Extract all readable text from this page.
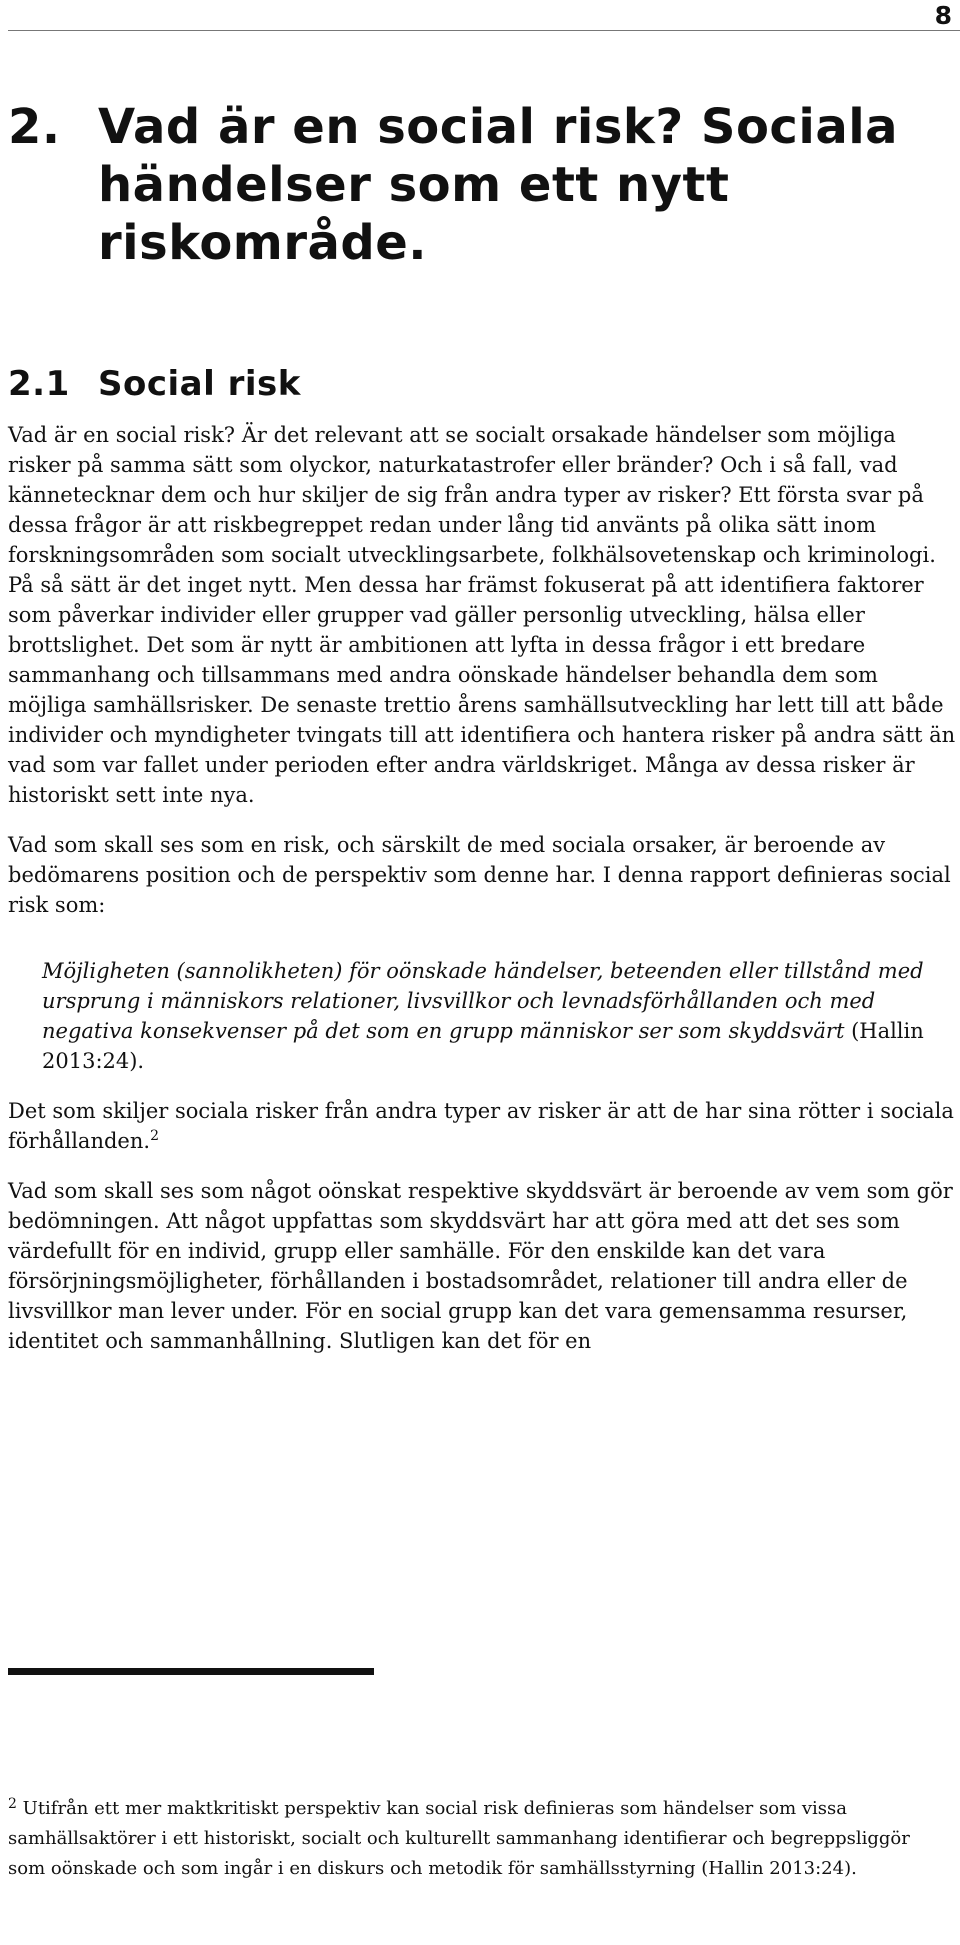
8
2. Vad är en social risk? Sociala händelser som ett nytt riskområde.
2.1 Social risk

Vad är en social risk? Är det relevant att se socialt orsakade händelser som möjliga risker på samma sätt som olyckor, naturkatastrofer eller bränder? Och i så fall, vad kännetecknar dem och hur skiljer de sig från andra typer av risker? Ett första svar på dessa frågor är att riskbegreppet redan under lång tid använts på olika sätt inom forskningsområden som socialt utvecklingsarbete, folkhälsovetenskap och kriminologi. På så sätt är det inget nytt. Men dessa har främst fokuserat på att identifiera faktorer som påverkar individer eller grupper vad gäller personlig utveckling, hälsa eller brottslighet. Det som är nytt är ambitionen att lyfta in dessa frågor i ett bredare sammanhang och tillsammans med andra oönskade händelser behandla dem som möjliga samhällsrisker. De senaste trettio årens samhällsutveckling har lett till att både individer och myndigheter tvingats till att identifiera och hantera risker på andra sätt än vad som var fallet under perioden efter andra världskriget. Många av dessa risker är historiskt sett inte nya.

Vad som skall ses som en risk, och särskilt de med sociala orsaker, är beroende av bedömarens position och de perspektiv som denne har. I denna rapport definieras social risk som:

Möjligheten (sannolikheten) för oönskade händelser, beteenden eller tillstånd med ursprung i människors relationer, livsvillkor och levnadsförhållanden och med negativa konsekvenser på det som en grupp människor ser som skyddsvärt (Hallin 2013:24).

Det som skiljer sociala risker från andra typer av risker är att de har sina rötter i sociala förhållanden.$^2$

Vad som skall ses som något oönskat respektive skyddsvärt är beroende av vem som gör bedömningen. Att något uppfattas som skyddsvärt har att göra med att det ses som värdefullt för en individ, grupp eller samhälle. För den enskilde kan det vara försörjningsmöjligheter, förhållanden i bostadsområdet, relationer till andra eller de livsvillkor man lever under. För en social grupp kan det vara gemensamma resurser, identitet och sammanhållning. Slutligen kan det för en

$^2$ Utifrån ett mer maktkritiskt perspektiv kan social risk definieras som händelser som vissa samhällsaktörer i ett historiskt, socialt och kulturellt sammanhang identifierar och begreppsliggör som oönskade och som ingår i en diskurs och metodik för samhällsstyrning (Hallin 2013:24).
